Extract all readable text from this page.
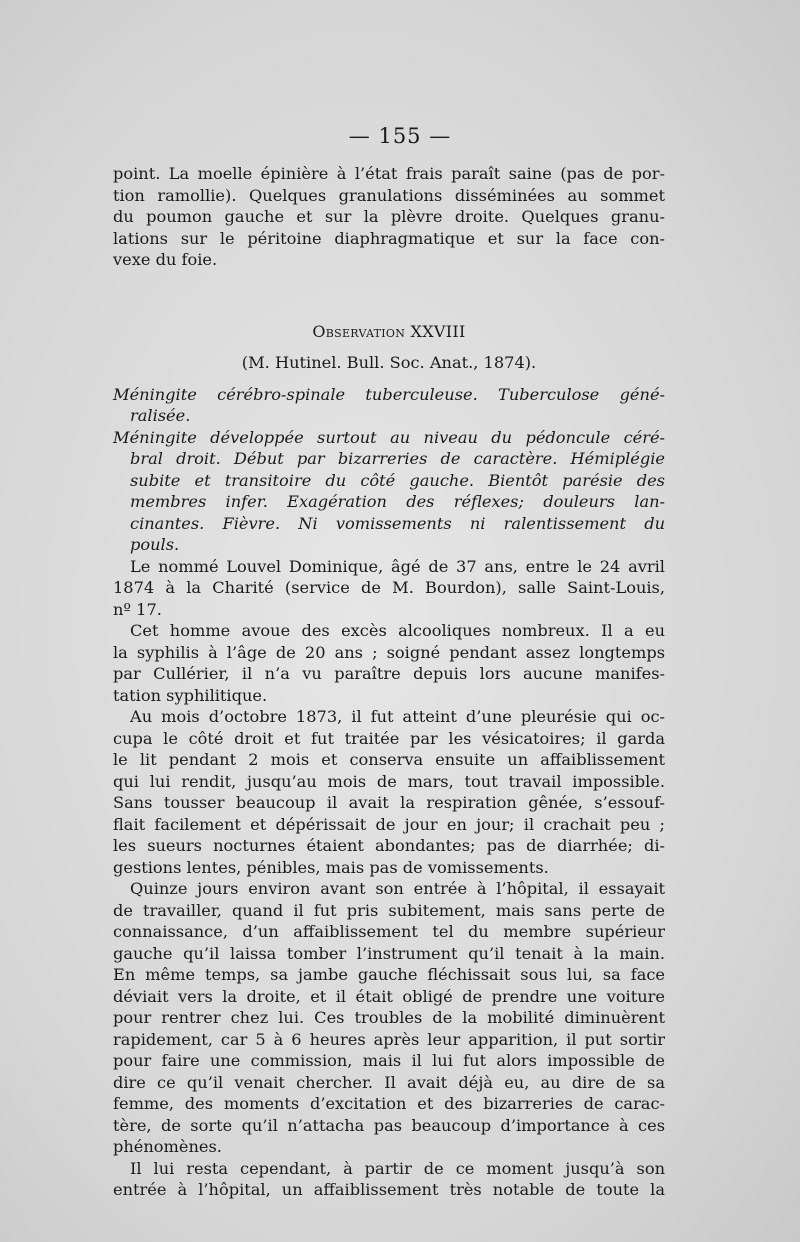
— 155 —

point. La moelle épinière à l’état frais paraît saine (pas de por-
tion ramollie). Quelques granulations disséminées au sommet
du poumon gauche et sur la plèvre droite. Quelques granu-
lations sur le péritoine diaphragmatique et sur la face con-
vexe du foie.

Observation XXVIII
(M. Hutinel. Bull. Soc. Anat., 1874).

Méningite cérébro-spinale tuberculeuse. Tuberculose géné-
ralisée.

Méningite développée surtout au niveau du pédoncule céré-
bral droit. Début par bizarreries de caractère. Hémiplégie
subite et transitoire du côté gauche. Bientôt parésie des
membres infer. Exagération des réflexes; douleurs lan-
cinantes. Fièvre. Ni vomissements ni ralentissement du
pouls.

Le nommé Louvel Dominique, âgé de 37 ans, entre le 24 avril
1874 à la Charité (service de M. Bourdon), salle Saint-Louis,
nº 17.

Cet homme avoue des excès alcooliques nombreux. Il a eu
la syphilis à l’âge de 20 ans ; soigné pendant assez longtemps
par Cullérier, il n’a vu paraître depuis lors aucune manifes-
tation syphilitique.

Au mois d’octobre 1873, il fut atteint d’une pleurésie qui oc-
cupa le côté droit et fut traitée par les vésicatoires; il garda
le lit pendant 2 mois et conserva ensuite un affaiblissement
qui lui rendit, jusqu’au mois de mars, tout travail impossible.
Sans tousser beaucoup il avait la respiration gênée, s’essouf-
flait facilement et dépérissait de jour en jour; il crachait peu ;
les sueurs nocturnes étaient abondantes; pas de diarrhée; di-
gestions lentes, pénibles, mais pas de vomissements.

Quinze jours environ avant son entrée à l’hôpital, il essayait
de travailler, quand il fut pris subitement, mais sans perte de
connaissance, d’un affaiblissement tel du membre supérieur
gauche qu’il laissa tomber l’instrument qu’il tenait à la main.
En même temps, sa jambe gauche fléchissait sous lui, sa face
déviait vers la droite, et il était obligé de prendre une voiture
pour rentrer chez lui. Ces troubles de la mobilité diminuèrent
rapidement, car 5 à 6 heures après leur apparition, il put sortir
pour faire une commission, mais il lui fut alors impossible de
dire ce qu’il venait chercher. Il avait déjà eu, au dire de sa
femme, des moments d’excitation et des bizarreries de carac-
tère, de sorte qu’il n’attacha pas beaucoup d’importance à ces
phénomènes.

Il lui resta cependant, à partir de ce moment jusqu’à son
entrée à l’hôpital, un affaiblissement très notable de toute la
